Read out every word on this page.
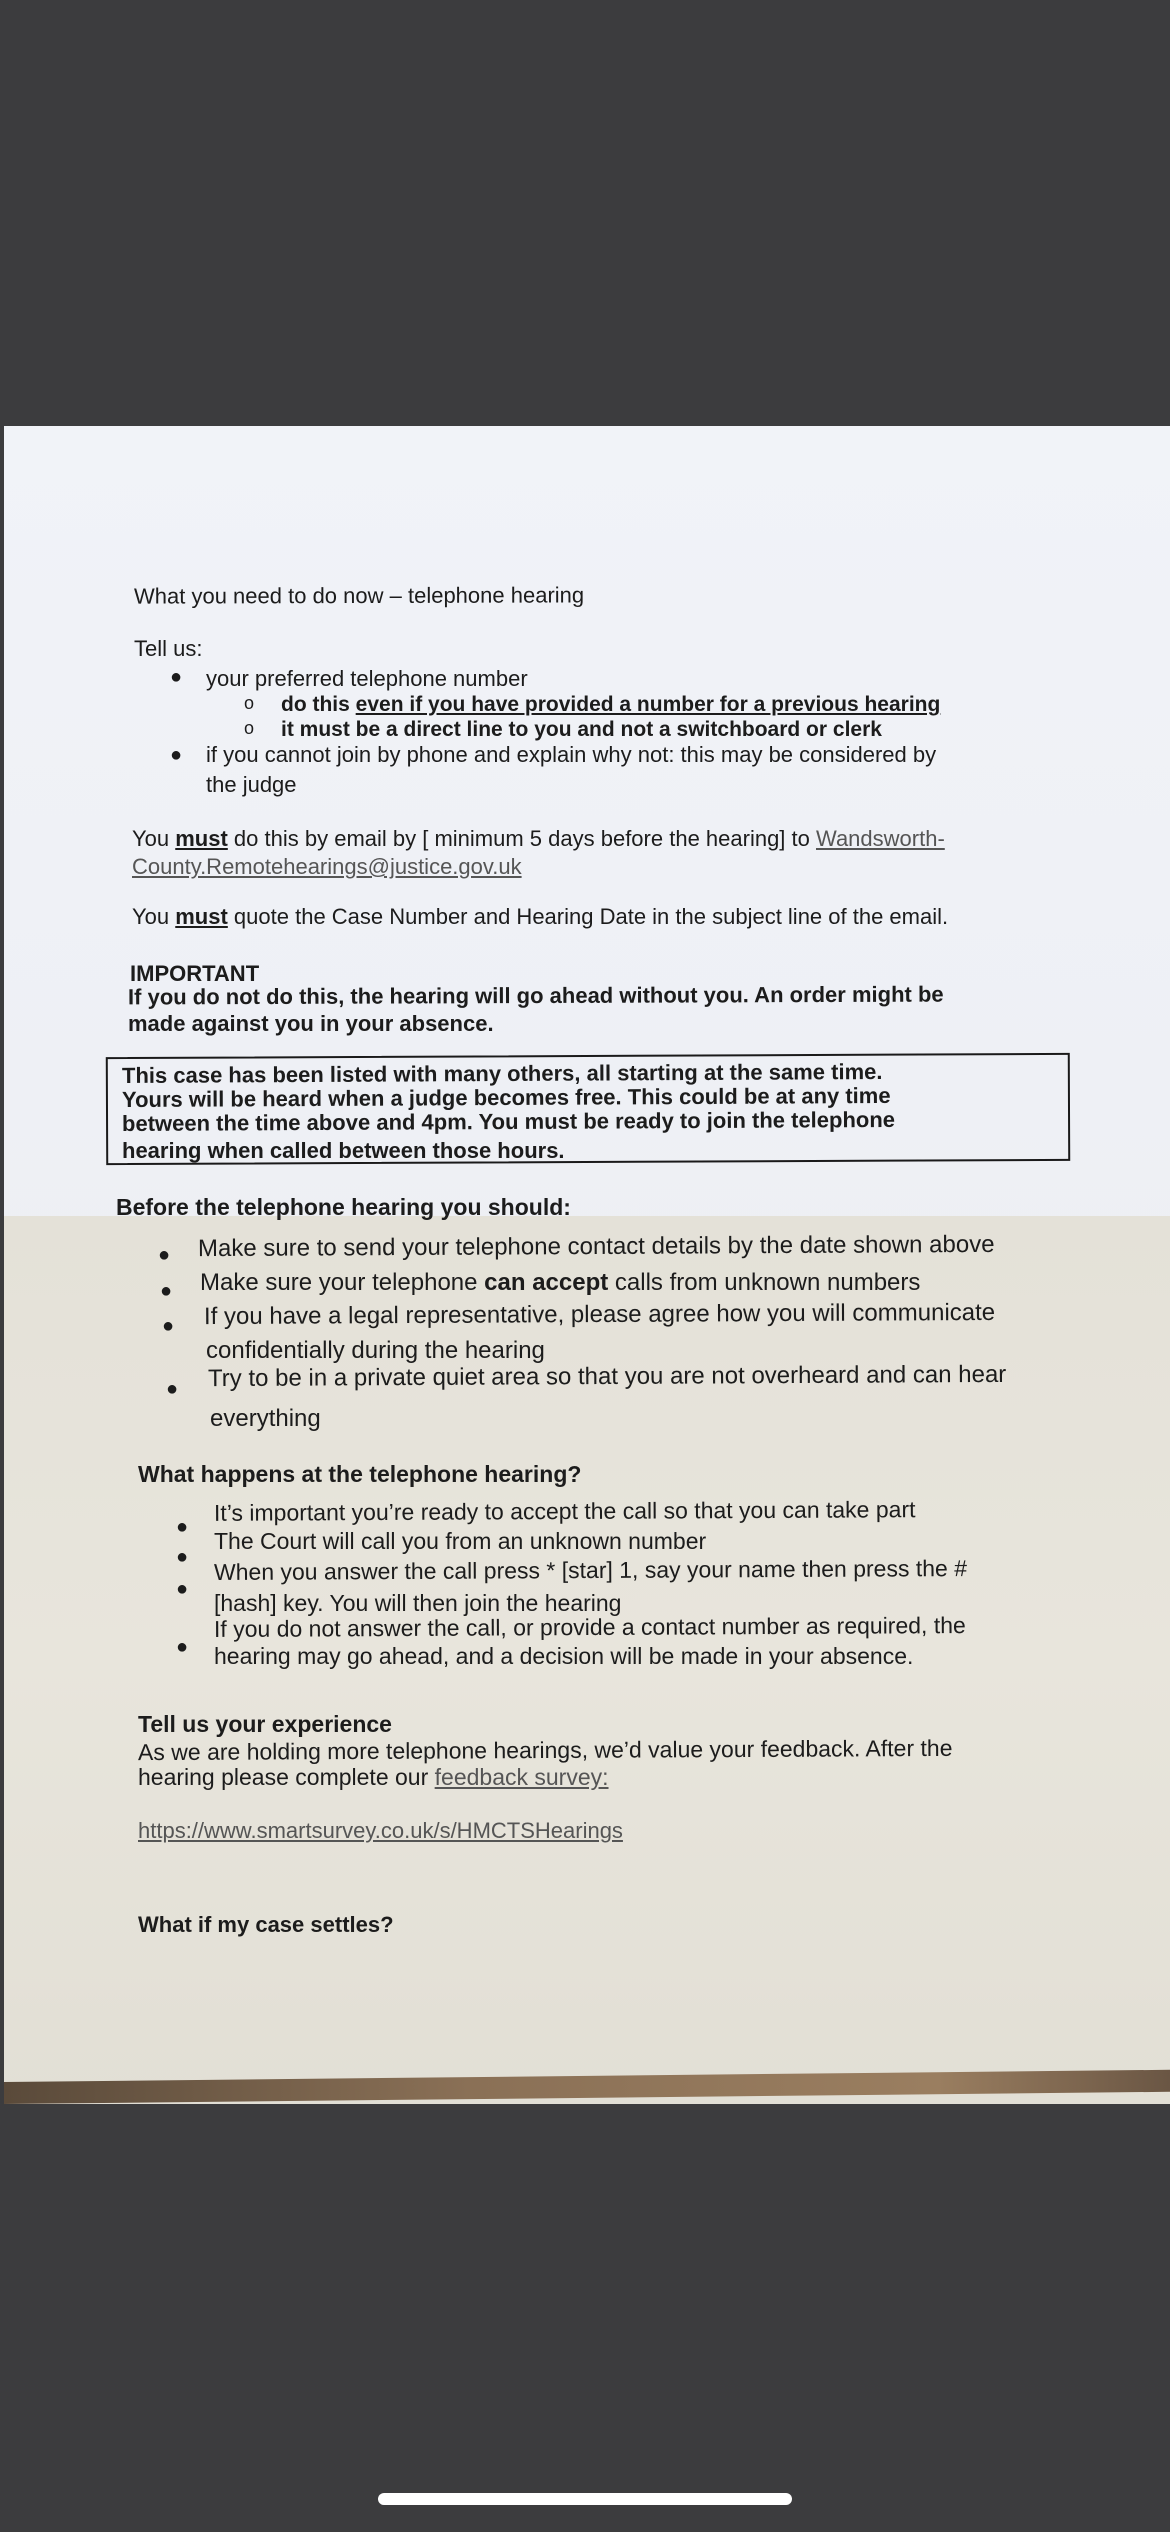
What you need to do now – telephone hearing
Tell us:
● your preferred telephone number
o do this even if you have provided a number for a previous hearing
o it must be a direct line to you and not a switchboard or clerk
● if you cannot join by phone and explain why not: this may be considered by
the judge
You must do this by email by [ minimum 5 days before the hearing] to Wandsworth-
County.Remotehearings@justice.gov.uk
You must quote the Case Number and Hearing Date in the subject line of the email.
IMPORTANT
If you do not do this, the hearing will go ahead without you. An order might be
made against you in your absence.
This case has been listed with many others, all starting at the same time.
Yours will be heard when a judge becomes free. This could be at any time
between the time above and 4pm. You must be ready to join the telephone
hearing when called between those hours.
Before the telephone hearing you should:
● Make sure to send your telephone contact details by the date shown above
● Make sure your telephone can accept calls from unknown numbers
● If you have a legal representative, please agree how you will communicate
confidentially during the hearing
● Try to be in a private quiet area so that you are not overheard and can hear
everything
What happens at the telephone hearing?
●
It’s important you’re ready to accept the call so that you can take part
●
The Court will call you from an unknown number
●
When you answer the call press * [star] 1, say your name then press the #
[hash] key. You will then join the hearing
●
If you do not answer the call, or provide a contact number as required, the
hearing may go ahead, and a decision will be made in your absence.
Tell us your experience
As we are holding more telephone hearings, we’d value your feedback. After the
hearing please complete our feedback survey:
https://www.smartsurvey.co.uk/s/HMCTSHearings
What if my case settles?
